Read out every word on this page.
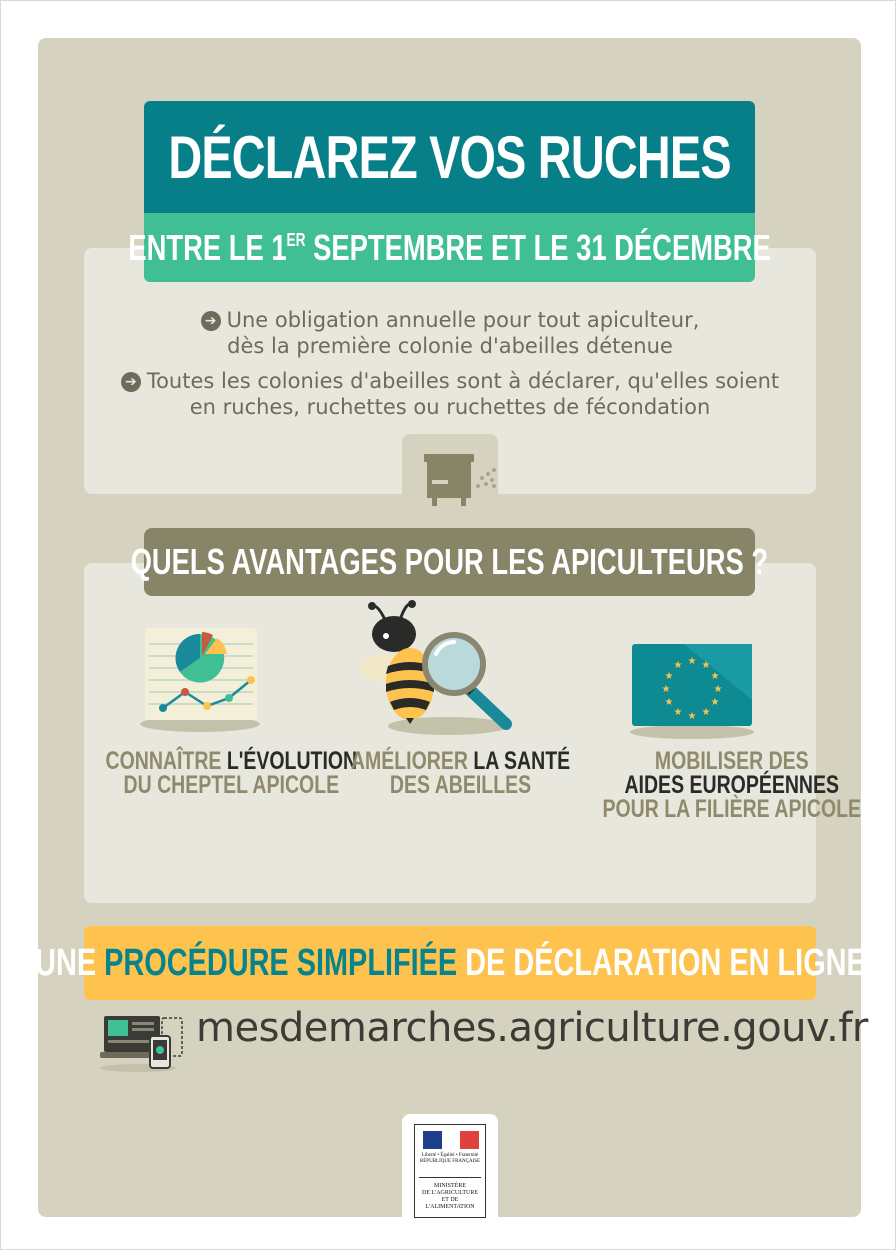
DÉCLAREZ VOS RUCHES
ENTRE LE 1ER SEPTEMBRE ET LE 31 DÉCEMBRE
➔ Une obligation annuelle pour tout apiculteur,
dès la première colonie d'abeilles détenue
➔ Toutes les colonies d'abeilles sont à déclarer, qu'elles soient
en ruches, ruchettes ou ruchettes de fécondation
QUELS AVANTAGES POUR LES APICULTEURS ?
★ ★
★
★
★
★
★
★
★
★
★
★
CONNAÎTRE L'ÉVOLUTION
DU CHEPTEL APICOLE
AMÉLIORER LA SANTÉ
DES ABEILLES
MOBILISER DES
AIDES EUROPÉENNES
POUR LA FILIÈRE APICOLE
UNE PROCÉDURE SIMPLIFIÉE DE DÉCLARATION EN LIGNE
mesdemarches.agriculture.gouv.fr
Liberté • Égalité • Fraternité
RÉPUBLIQUE FRANÇAISE
MINISTÈRE
DE L'AGRICULTURE
ET DE
L'ALIMENTATION
